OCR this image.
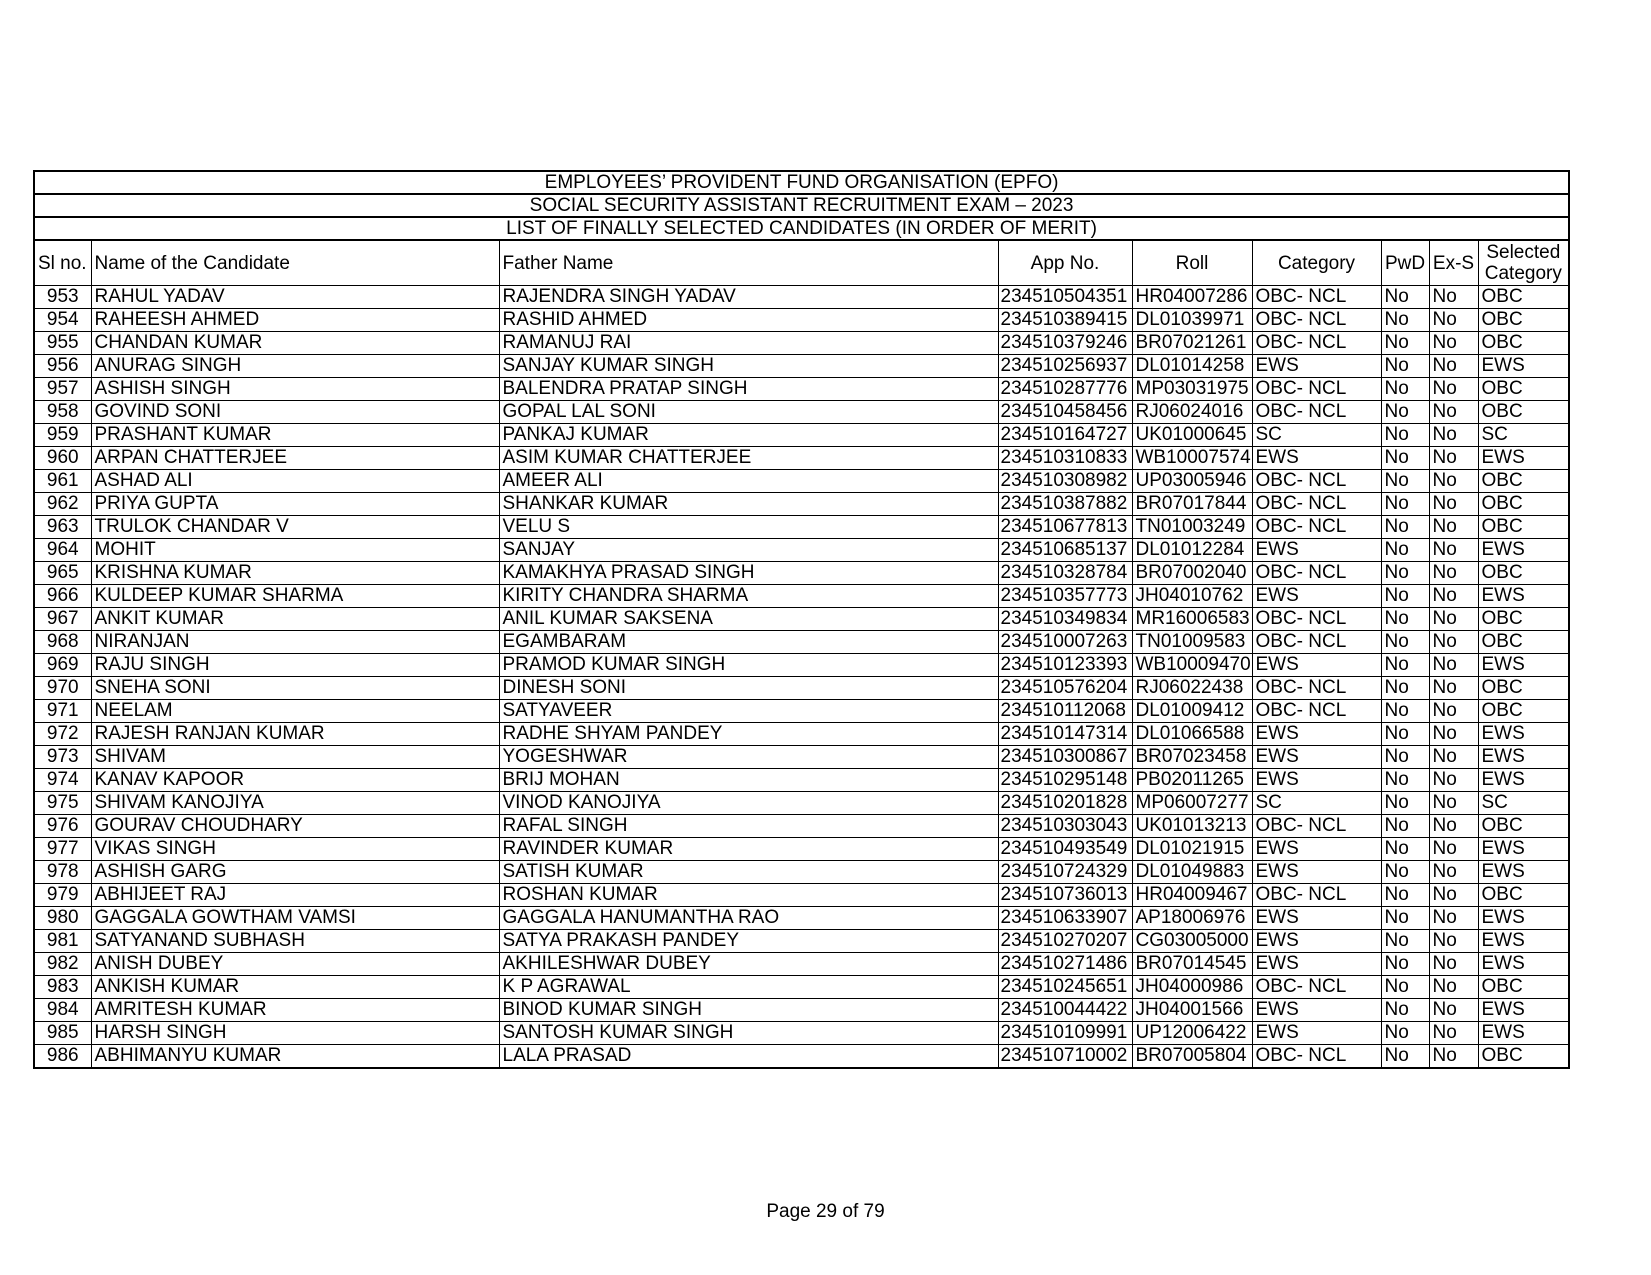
EMPLOYEES’ PROVIDENT FUND ORGANISATION (EPFO)								
SOCIAL SECURITY ASSISTANT RECRUITMENT EXAM – 2023								
LIST OF FINALLY SELECTED CANDIDATES (IN ORDER OF MERIT)								
Sl no.	Name of the Candidate	Father Name	App No.	Roll	Category	PwD	Ex-S	Selected Category
953	RAHUL YADAV	RAJENDRA SINGH YADAV	234510504351	HR04007286	OBC- NCL	No	No	OBC
954	RAHEESH AHMED	RASHID AHMED	234510389415	DL01039971	OBC- NCL	No	No	OBC
955	CHANDAN KUMAR	RAMANUJ RAI	234510379246	BR07021261	OBC- NCL	No	No	OBC
956	ANURAG SINGH	SANJAY KUMAR SINGH	234510256937	DL01014258	EWS	No	No	EWS
957	ASHISH SINGH	BALENDRA PRATAP SINGH	234510287776	MP03031975	OBC- NCL	No	No	OBC
958	GOVIND SONI	GOPAL LAL SONI	234510458456	RJ06024016	OBC- NCL	No	No	OBC
959	PRASHANT KUMAR	PANKAJ KUMAR	234510164727	UK01000645	SC	No	No	SC
960	ARPAN CHATTERJEE	ASIM KUMAR CHATTERJEE	234510310833	WB10007574	EWS	No	No	EWS
961	ASHAD ALI	AMEER ALI	234510308982	UP03005946	OBC- NCL	No	No	OBC
962	PRIYA GUPTA	SHANKAR KUMAR	234510387882	BR07017844	OBC- NCL	No	No	OBC
963	TRULOK CHANDAR V	VELU S	234510677813	TN01003249	OBC- NCL	No	No	OBC
964	MOHIT	SANJAY	234510685137	DL01012284	EWS	No	No	EWS
965	KRISHNA KUMAR	KAMAKHYA PRASAD SINGH	234510328784	BR07002040	OBC- NCL	No	No	OBC
966	KULDEEP KUMAR SHARMA	KIRITY CHANDRA SHARMA	234510357773	JH04010762	EWS	No	No	EWS
967	ANKIT KUMAR	ANIL KUMAR SAKSENA	234510349834	MR16006583	OBC- NCL	No	No	OBC
968	NIRANJAN	EGAMBARAM	234510007263	TN01009583	OBC- NCL	No	No	OBC
969	RAJU SINGH	PRAMOD KUMAR SINGH	234510123393	WB10009470	EWS	No	No	EWS
970	SNEHA SONI	DINESH SONI	234510576204	RJ06022438	OBC- NCL	No	No	OBC
971	NEELAM	SATYAVEER	234510112068	DL01009412	OBC- NCL	No	No	OBC
972	RAJESH RANJAN KUMAR	RADHE SHYAM PANDEY	234510147314	DL01066588	EWS	No	No	EWS
973	SHIVAM	YOGESHWAR	234510300867	BR07023458	EWS	No	No	EWS
974	KANAV KAPOOR	BRIJ MOHAN	234510295148	PB02011265	EWS	No	No	EWS
975	SHIVAM KANOJIYA	VINOD KANOJIYA	234510201828	MP06007277	SC	No	No	SC
976	GOURAV CHOUDHARY	RAFAL SINGH	234510303043	UK01013213	OBC- NCL	No	No	OBC
977	VIKAS SINGH	RAVINDER KUMAR	234510493549	DL01021915	EWS	No	No	EWS
978	ASHISH GARG	SATISH KUMAR	234510724329	DL01049883	EWS	No	No	EWS
979	ABHIJEET RAJ	ROSHAN KUMAR	234510736013	HR04009467	OBC- NCL	No	No	OBC
980	GAGGALA GOWTHAM VAMSI	GAGGALA HANUMANTHA RAO	234510633907	AP18006976	EWS	No	No	EWS
981	SATYANAND SUBHASH	SATYA PRAKASH PANDEY	234510270207	CG03005000	EWS	No	No	EWS
982	ANISH DUBEY	AKHILESHWAR DUBEY	234510271486	BR07014545	EWS	No	No	EWS
983	ANKISH KUMAR	K P AGRAWAL	234510245651	JH04000986	OBC- NCL	No	No	OBC
984	AMRITESH KUMAR	BINOD KUMAR SINGH	234510044422	JH04001566	EWS	No	No	EWS
985	HARSH SINGH	SANTOSH KUMAR SINGH	234510109991	UP12006422	EWS	No	No	EWS
986	ABHIMANYU KUMAR	LALA PRASAD	234510710002	BR07005804	OBC- NCL	No	No	OBC
Page 29 of 79
